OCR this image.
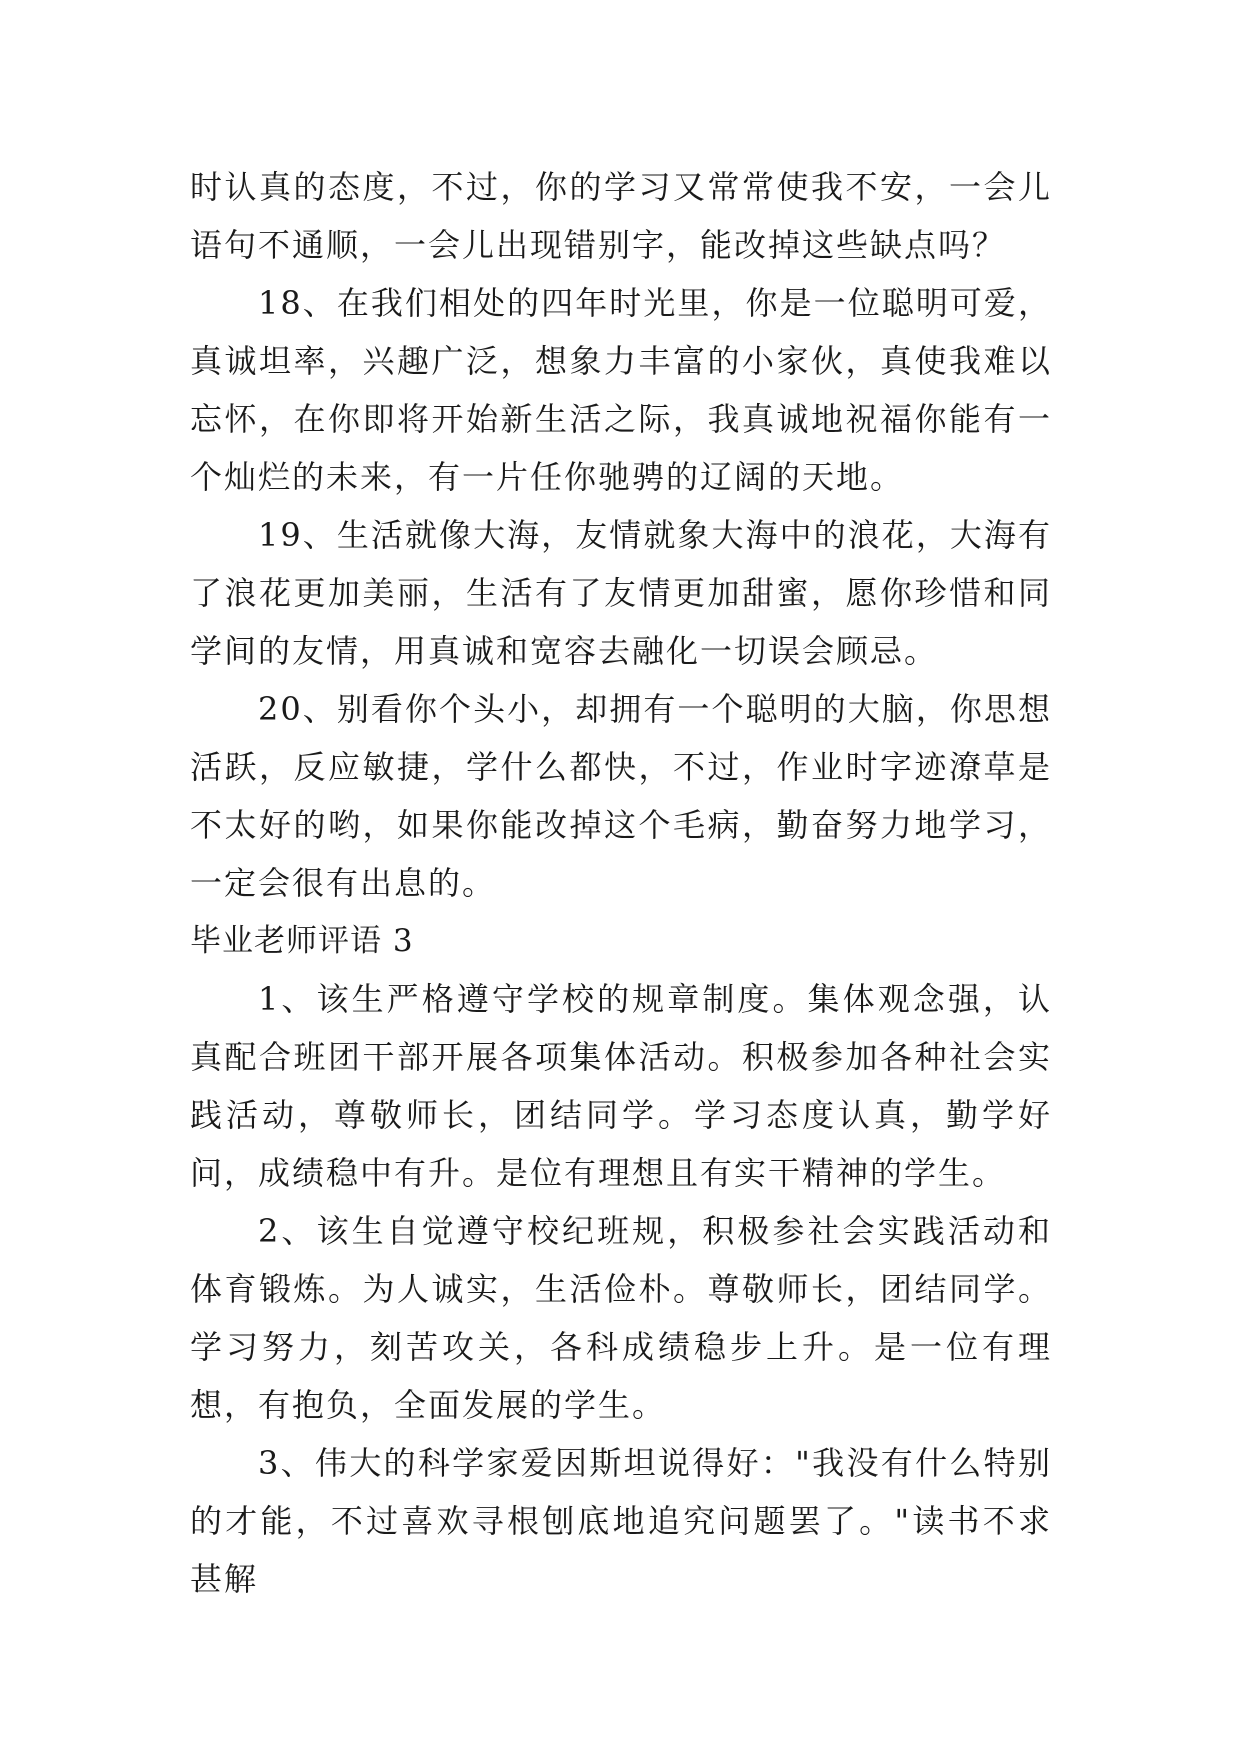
时认真的态度，不过，你的学习又常常使我不安，一会儿语句不通顺，一会儿出现错别字，能改掉这些缺点吗？

18、在我们相处的四年时光里，你是一位聪明可爱，真诚坦率，兴趣广泛，想象力丰富的小家伙，真使我难以忘怀，在你即将开始新生活之际，我真诚地祝福你能有一个灿烂的未来，有一片任你驰骋的辽阔的天地。

19、生活就像大海，友情就象大海中的浪花，大海有了浪花更加美丽，生活有了友情更加甜蜜，愿你珍惜和同学间的友情，用真诚和宽容去融化一切误会顾忌。

20、别看你个头小，却拥有一个聪明的大脑，你思想活跃，反应敏捷，学什么都快，不过，作业时字迹潦草是不太好的哟，如果你能改掉这个毛病，勤奋努力地学习，一定会很有出息的。

毕业老师评语 3

1、该生严格遵守学校的规章制度。集体观念强，认真配合班团干部开展各项集体活动。积极参加各种社会实践活动，尊敬师长，团结同学。学习态度认真，勤学好问，成绩稳中有升。是位有理想且有实干精神的学生。

2、该生自觉遵守校纪班规，积极参社会实践活动和体育锻炼。为人诚实，生活俭朴。尊敬师长，团结同学。学习努力，刻苦攻关，各科成绩稳步上升。是一位有理想，有抱负，全面发展的学生。

3、伟大的科学家爱因斯坦说得好："我没有什么特别的才能，不过喜欢寻根刨底地追究问题罢了。"读书不求甚解
